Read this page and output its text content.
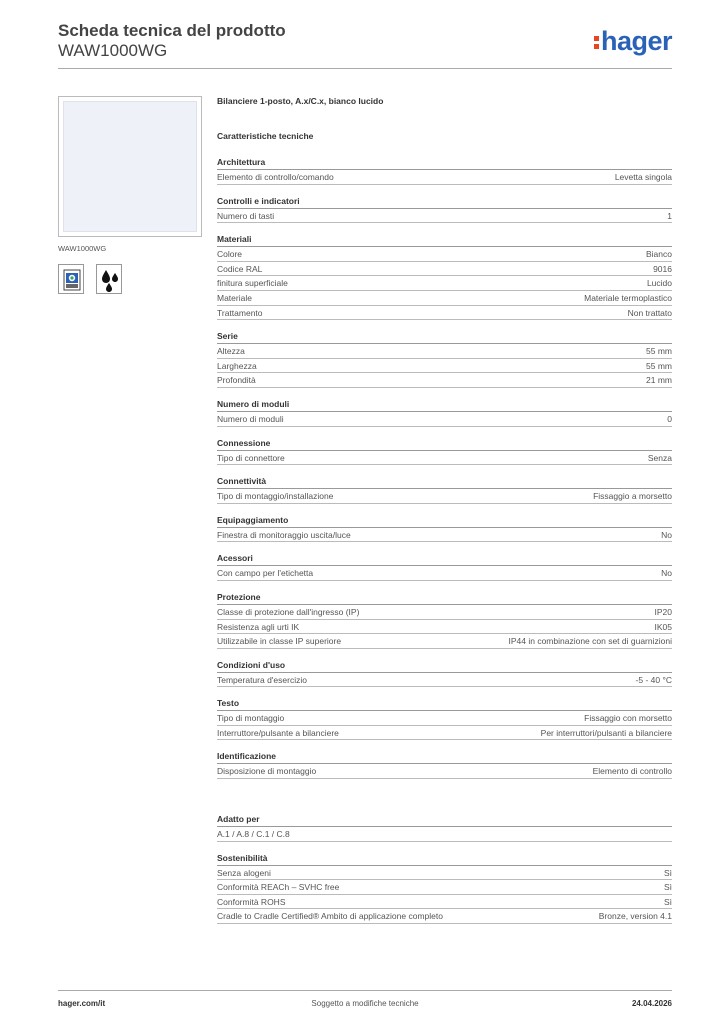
Scheda tecnica del prodotto
WAW1000WG	hager
WAW1000WG
Bilanciere 1-posto, A.x/C.x, bianco lucido
Caratteristiche tecniche
Architettura
Elemento di controllo/comando	Levetta singola
Controlli e indicatori
Numero di tasti	1
Materiali
Colore	Bianco
Codice RAL	9016
finitura superficiale	Lucido
Materiale	Materiale termoplastico
Trattamento	Non trattato
Serie
Altezza	55 mm
Larghezza	55 mm
Profondità	21 mm
Numero di moduli
Numero di moduli	0
Connessione
Tipo di connettore	Senza
Connettività
Tipo di montaggio/installazione	Fissaggio a morsetto
Equipaggiamento
Finestra di monitoraggio uscita/luce	No
Acessori
Con campo per l'etichetta	No
Protezione
Classe di protezione dall'ingresso (IP)	IP20
Resistenza agli urti IK	IK05
Utilizzabile in classe IP superiore	IP44 in combinazione con set di guarnizioni
Condizioni d'uso
Temperatura d'esercizio	-5 - 40 °C
Testo
Tipo di montaggio	Fissaggio con morsetto
Interruttore/pulsante a bilanciere	Per interruttori/pulsanti a bilanciere
Identificazione
Disposizione di montaggio	Elemento di controllo
Adatto per
A.1 / A.8 / C.1 / C.8
Sostenibilità
Senza alogeni	Sì
Conformità REACh – SVHC free	Sì
Conformità ROHS	Sì
Cradle to Cradle Certified® Ambito di applicazione completo	Bronze, version 4.1
hager.com/it	Soggetto a modifiche tecniche	24.04.2026
